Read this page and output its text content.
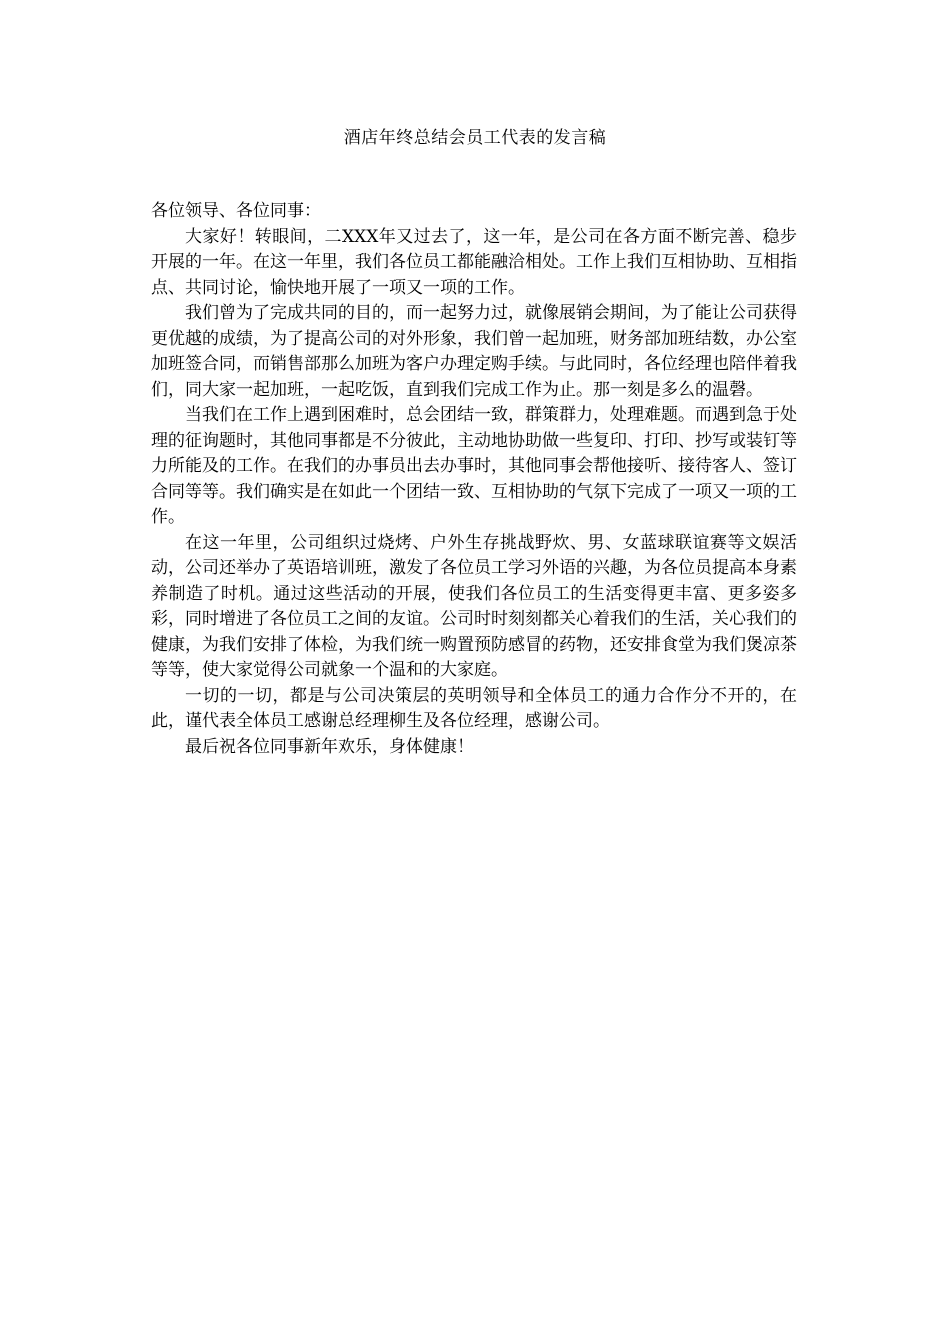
酒店年终总结会员工代表的发言稿

各位领导、各位同事：

大家好！转眼间，二XXX年又过去了，这一年，是公司在各方面不断完善、稳步开展的一年。在这一年里，我们各位员工都能融洽相处。工作上我们互相协助、互相指点、共同讨论，愉快地开展了一项又一项的工作。

我们曾为了完成共同的目的，而一起努力过，就像展销会期间，为了能让公司获得更优越的成绩，为了提高公司的对外形象，我们曾一起加班，财务部加班结数，办公室加班签合同，而销售部那么加班为客户办理定购手续。与此同时，各位经理也陪伴着我们，同大家一起加班，一起吃饭，直到我们完成工作为止。那一刻是多么的温磬。

当我们在工作上遇到困难时，总会团结一致，群策群力，处理难题。而遇到急于处理的征询题时，其他同事都是不分彼此，主动地协助做一些复印、打印、抄写或装钉等力所能及的工作。在我们的办事员出去办事时，其他同事会帮他接听、接待客人、签订合同等等。我们确实是在如此一个团结一致、互相协助的气氛下完成了一项又一项的工作。

在这一年里，公司组织过烧烤、户外生存挑战野炊、男、女蓝球联谊赛等文娱活动，公司还举办了英语培训班，激发了各位员工学习外语的兴趣，为各位员提高本身素养制造了时机。通过这些活动的开展，使我们各位员工的生活变得更丰富、更多姿多彩，同时增进了各位员工之间的友谊。公司时时刻刻都关心着我们的生活，关心我们的健康，为我们安排了体检，为我们统一购置预防感冒的药物，还安排食堂为我们煲凉茶等等，使大家觉得公司就象一个温和的大家庭。

一切的一切，都是与公司决策层的英明领导和全体员工的通力合作分不开的，在此，谨代表全体员工感谢总经理柳生及各位经理，感谢公司。

最后祝各位同事新年欢乐，身体健康！
